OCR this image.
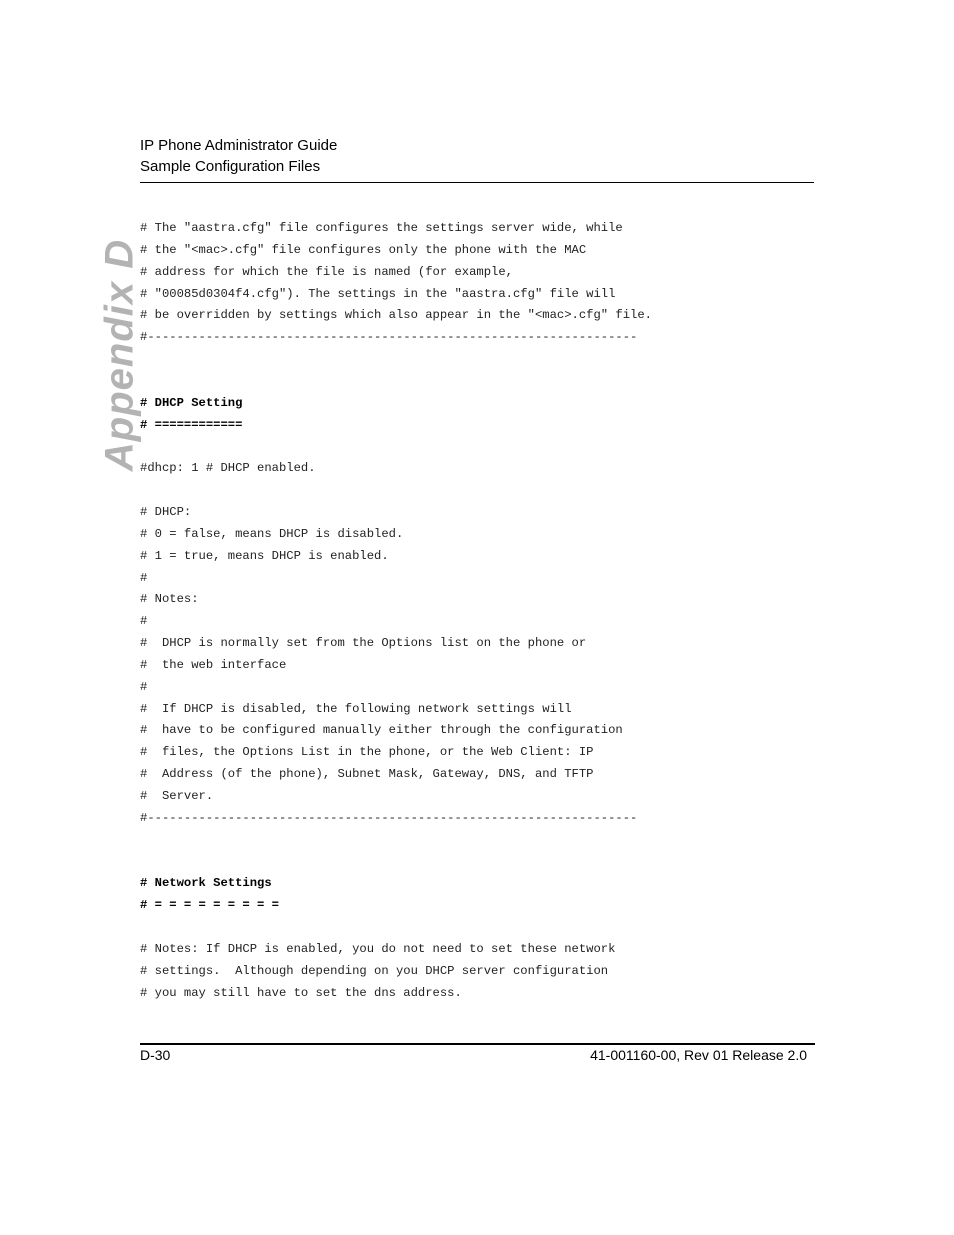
IP Phone Administrator Guide
Sample Configuration Files
Appendix D
# The "aastra.cfg" file configures the settings server wide, while
# the "<mac>.cfg" file configures only the phone with the MAC
# address for which the file is named (for example,
# "00085d0304f4.cfg"). The settings in the "aastra.cfg" file will
# be overridden by settings which also appear in the "<mac>.cfg" file.
#-------------------------------------------------------------------
# DHCP Setting
# ============
#dhcp: 1 # DHCP enabled.
# DHCP:
# 0 = false, means DHCP is disabled.
# 1 = true, means DHCP is enabled.
#
# Notes:
#
#  DHCP is normally set from the Options list on the phone or
#  the web interface
#
#  If DHCP is disabled, the following network settings will
#  have to be configured manually either through the configuration
#  files, the Options List in the phone, or the Web Client: IP
#  Address (of the phone), Subnet Mask, Gateway, DNS, and TFTP
#  Server.
#-------------------------------------------------------------------
# Network Settings
# = = = = = = = = =
# Notes: If DHCP is enabled, you do not need to set these network
# settings.  Although depending on you DHCP server configuration
# you may still have to set the dns address.
D-30	41-001160-00, Rev 01 Release 2.0
